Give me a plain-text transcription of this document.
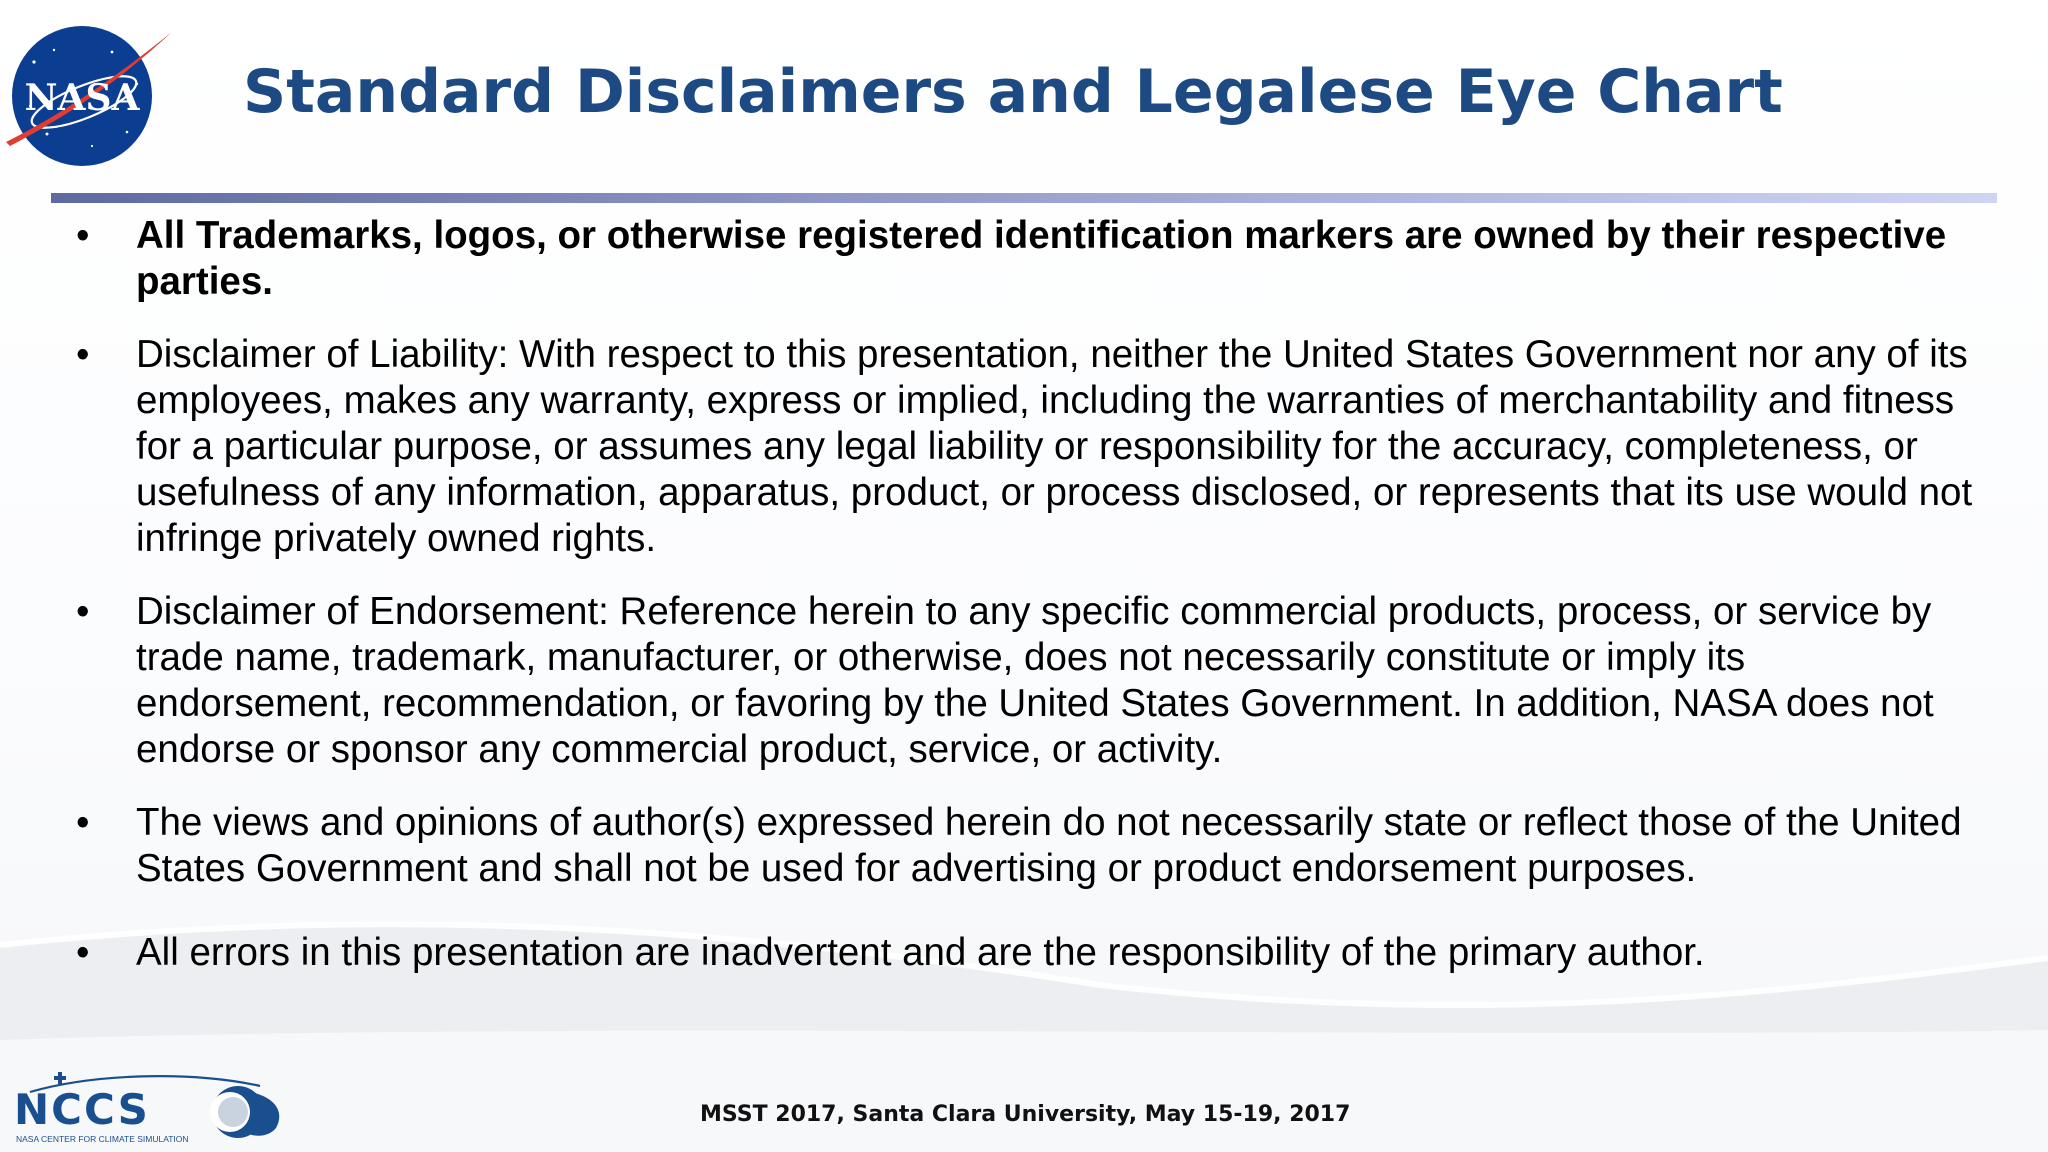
NASA Standard Disclaimers and Legalese Eye Chart
• All Trademarks, logos, or otherwise registered identification markers are owned by their respective parties.
• Disclaimer of Liability: With respect to this presentation, neither the United States Government nor any of its employees, makes any warranty, express or implied, including the warranties of merchantability and fitness for a particular purpose, or assumes any legal liability or responsibility for the accuracy, completeness, or usefulness of any information, apparatus, product, or process disclosed, or represents that its use would not infringe privately owned rights.
• Disclaimer of Endorsement: Reference herein to any specific commercial products, process, or service by trade name, trademark, manufacturer, or otherwise, does not necessarily constitute or imply its endorsement, recommendation, or favoring by the United States Government. In addition, NASA does not endorse or sponsor any commercial product, service, or activity.
• The views and opinions of author(s) expressed herein do not necessarily state or reflect those of the United States Government and shall not be used for advertising or product endorsement purposes.
• All errors in this presentation are inadvertent and are the responsibility of the primary author.
NCCS
NASA CENTER FOR CLIMATE SIMULATION
MSST 2017, Santa Clara University, May 15-19, 2017
